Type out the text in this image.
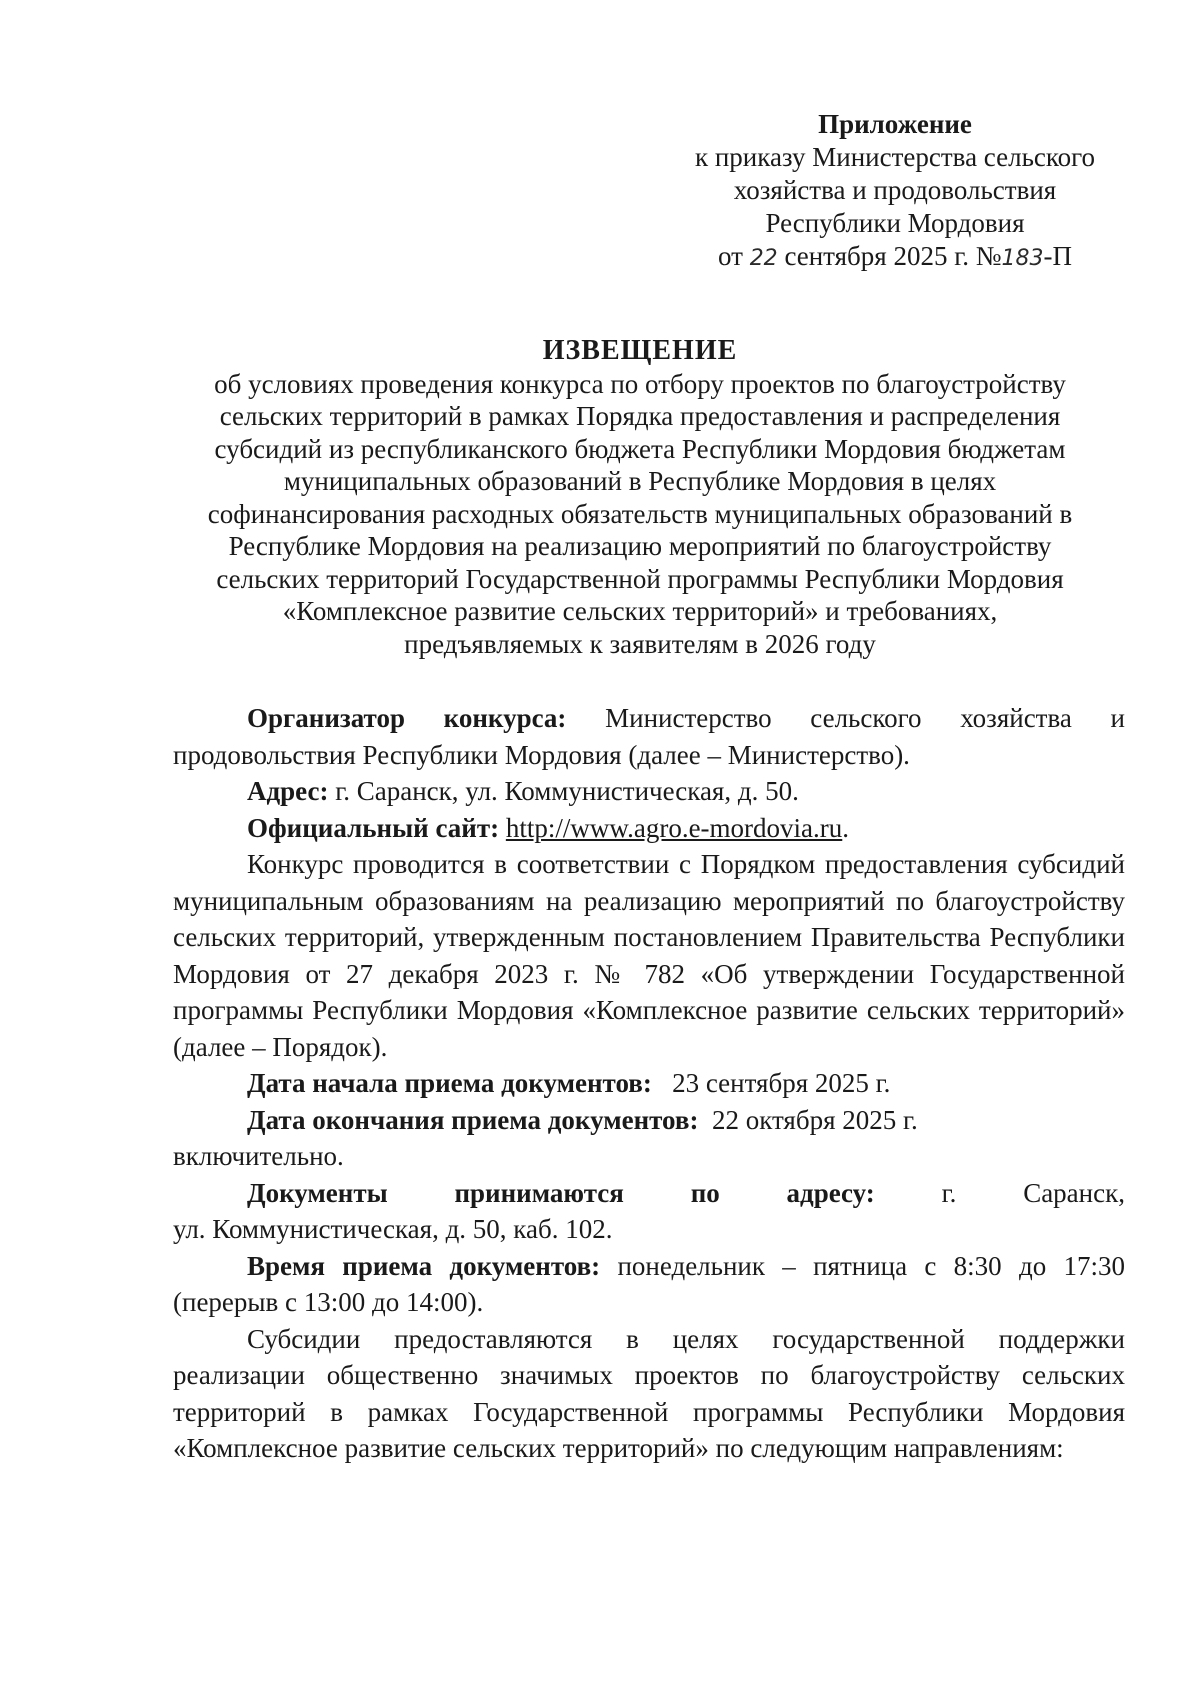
Приложение
к приказу Министерства сельского
хозяйства и продовольствия
Республики Мордовия
от 22 сентября 2025 г. №183-П
ИЗВЕЩЕНИЕ
об условиях проведения конкурса по отбору проектов по благоустройству
сельских территорий в рамках Порядка предоставления и распределения
субсидий из республиканского бюджета Республики Мордовия бюджетам
муниципальных образований в Республике Мордовия в целях
софинансирования расходных обязательств муниципальных образований в
Республике Мордовия на реализацию мероприятий по благоустройству
сельских территорий Государственной программы Республики Мордовия
«Комплексное развитие сельских территорий» и требованиях,
предъявляемых к заявителям в 2026 году

Организатор конкурса: Министерство сельского хозяйства и продовольствия Республики Мордовия (далее – Министерство).

Адрес: г. Саранск, ул. Коммунистическая, д. 50.

Официальный сайт: http://www.agro.e-mordovia.ru.

Конкурс проводится в соответствии с Порядком предоставления субсидий муниципальным образованиям на реализацию мероприятий по благоустройству сельских территорий, утвержденным постановлением Правительства Республики Мордовия от 27 декабря 2023 г. № 782 «Об утверждении Государственной программы Республики Мордовия «Комплексное развитие сельских территорий» (далее – Порядок).

Дата начала приема документов: 23 сентября 2025 г.

Дата окончания приема документов: 22 октября 2025 г.

включительно.

Документы принимаются по адресу: г. Саранск,

ул. Коммунистическая, д. 50, каб. 102.

Время приема документов: понедельник – пятница с 8:30 до 17:30 (перерыв с 13:00 до 14:00).

Субсидии предоставляются в целях государственной поддержки реализации общественно значимых проектов по благоустройству сельских территорий в рамках Государственной программы Республики Мордовия «Комплексное развитие сельских территорий» по следующим направлениям:
